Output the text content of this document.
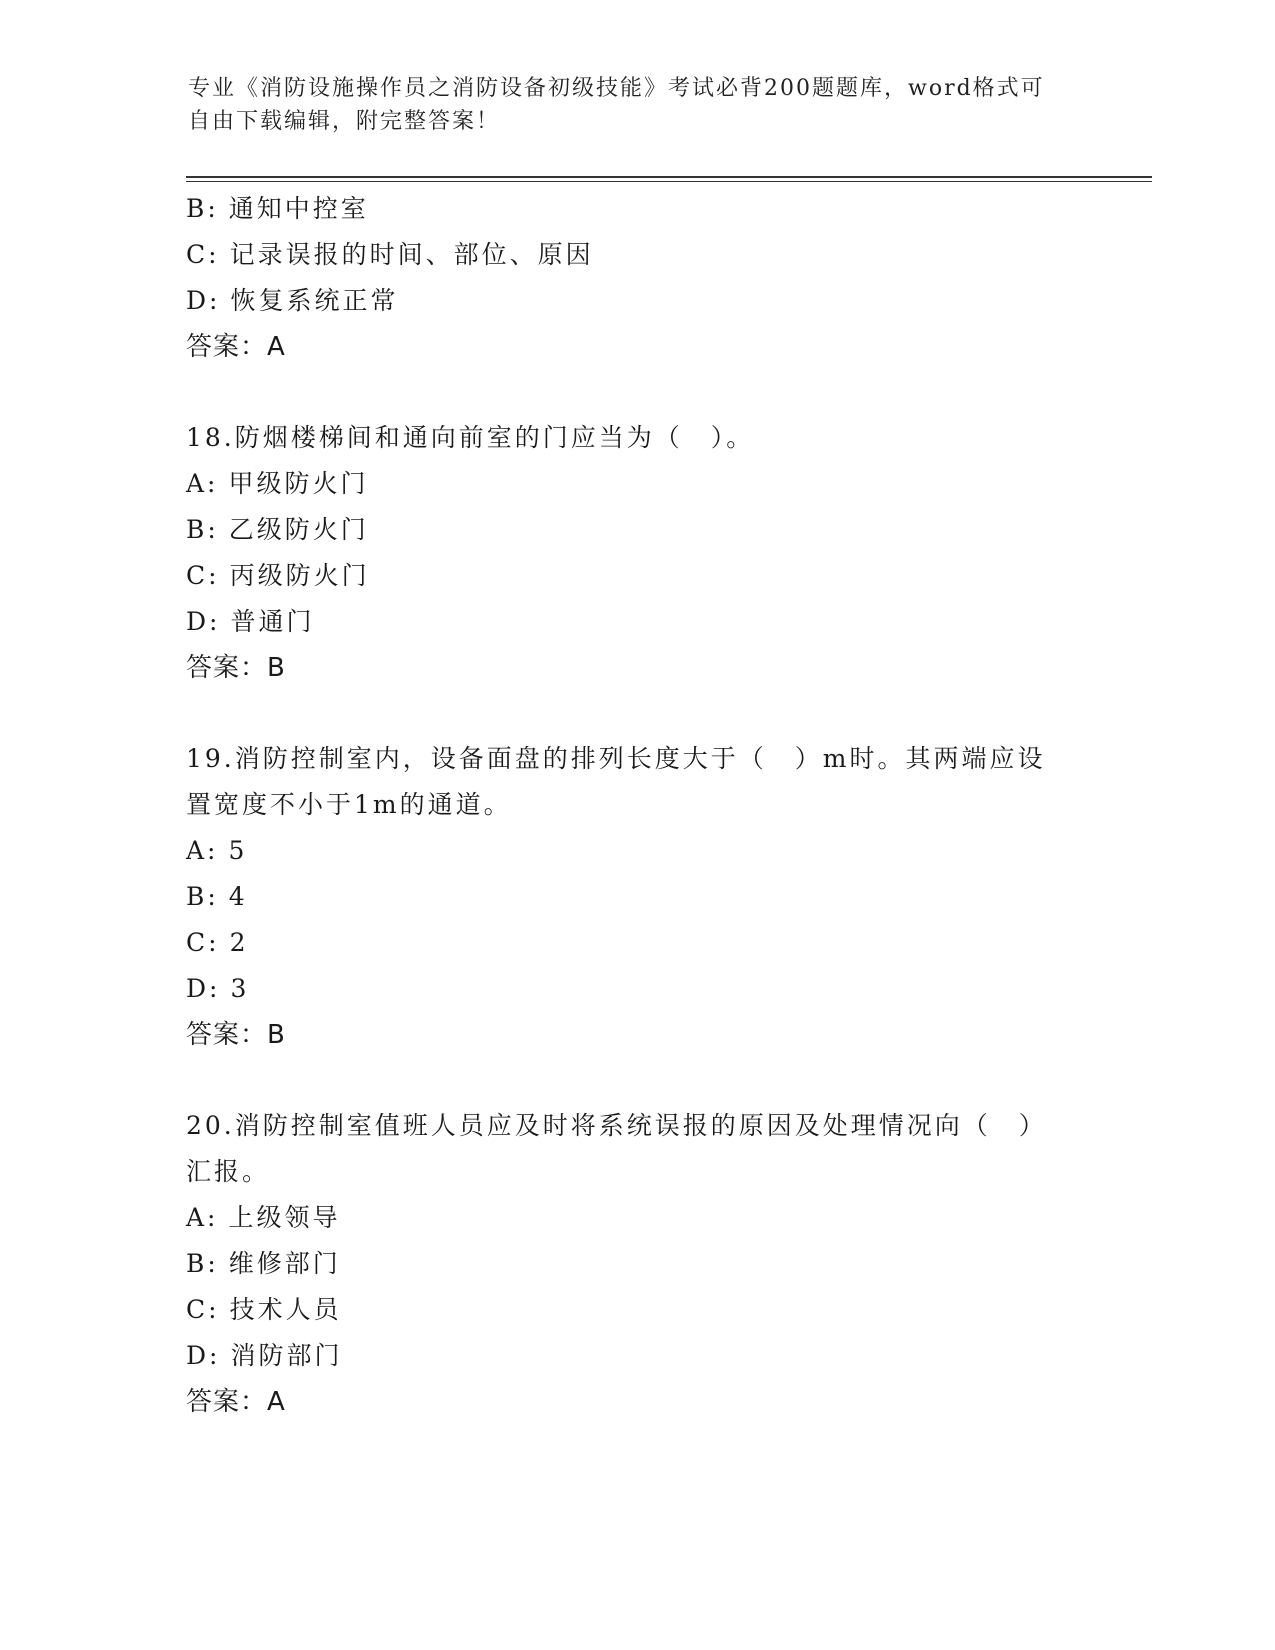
专业《消防设施操作员之消防设备初级技能》考试必背200题题库，word格式可自由下载编辑，附完整答案！
B: 通知中控室
C: 记录误报的时间、部位、原因
D: 恢复系统正常
答案：A
18.防烟楼梯间和通向前室的门应当为（　）。
A: 甲级防火门
B: 乙级防火门
C: 丙级防火门
D: 普通门
答案：B
19.消防控制室内，设备面盘的排列长度大于（　）m时。其两端应设置宽度不小于1m的通道。
A: 5
B: 4
C: 2
D: 3
答案：B
20.消防控制室值班人员应及时将系统误报的原因及处理情况向（　）汇报。
A: 上级领导
B: 维修部门
C: 技术人员
D: 消防部门
答案：A
